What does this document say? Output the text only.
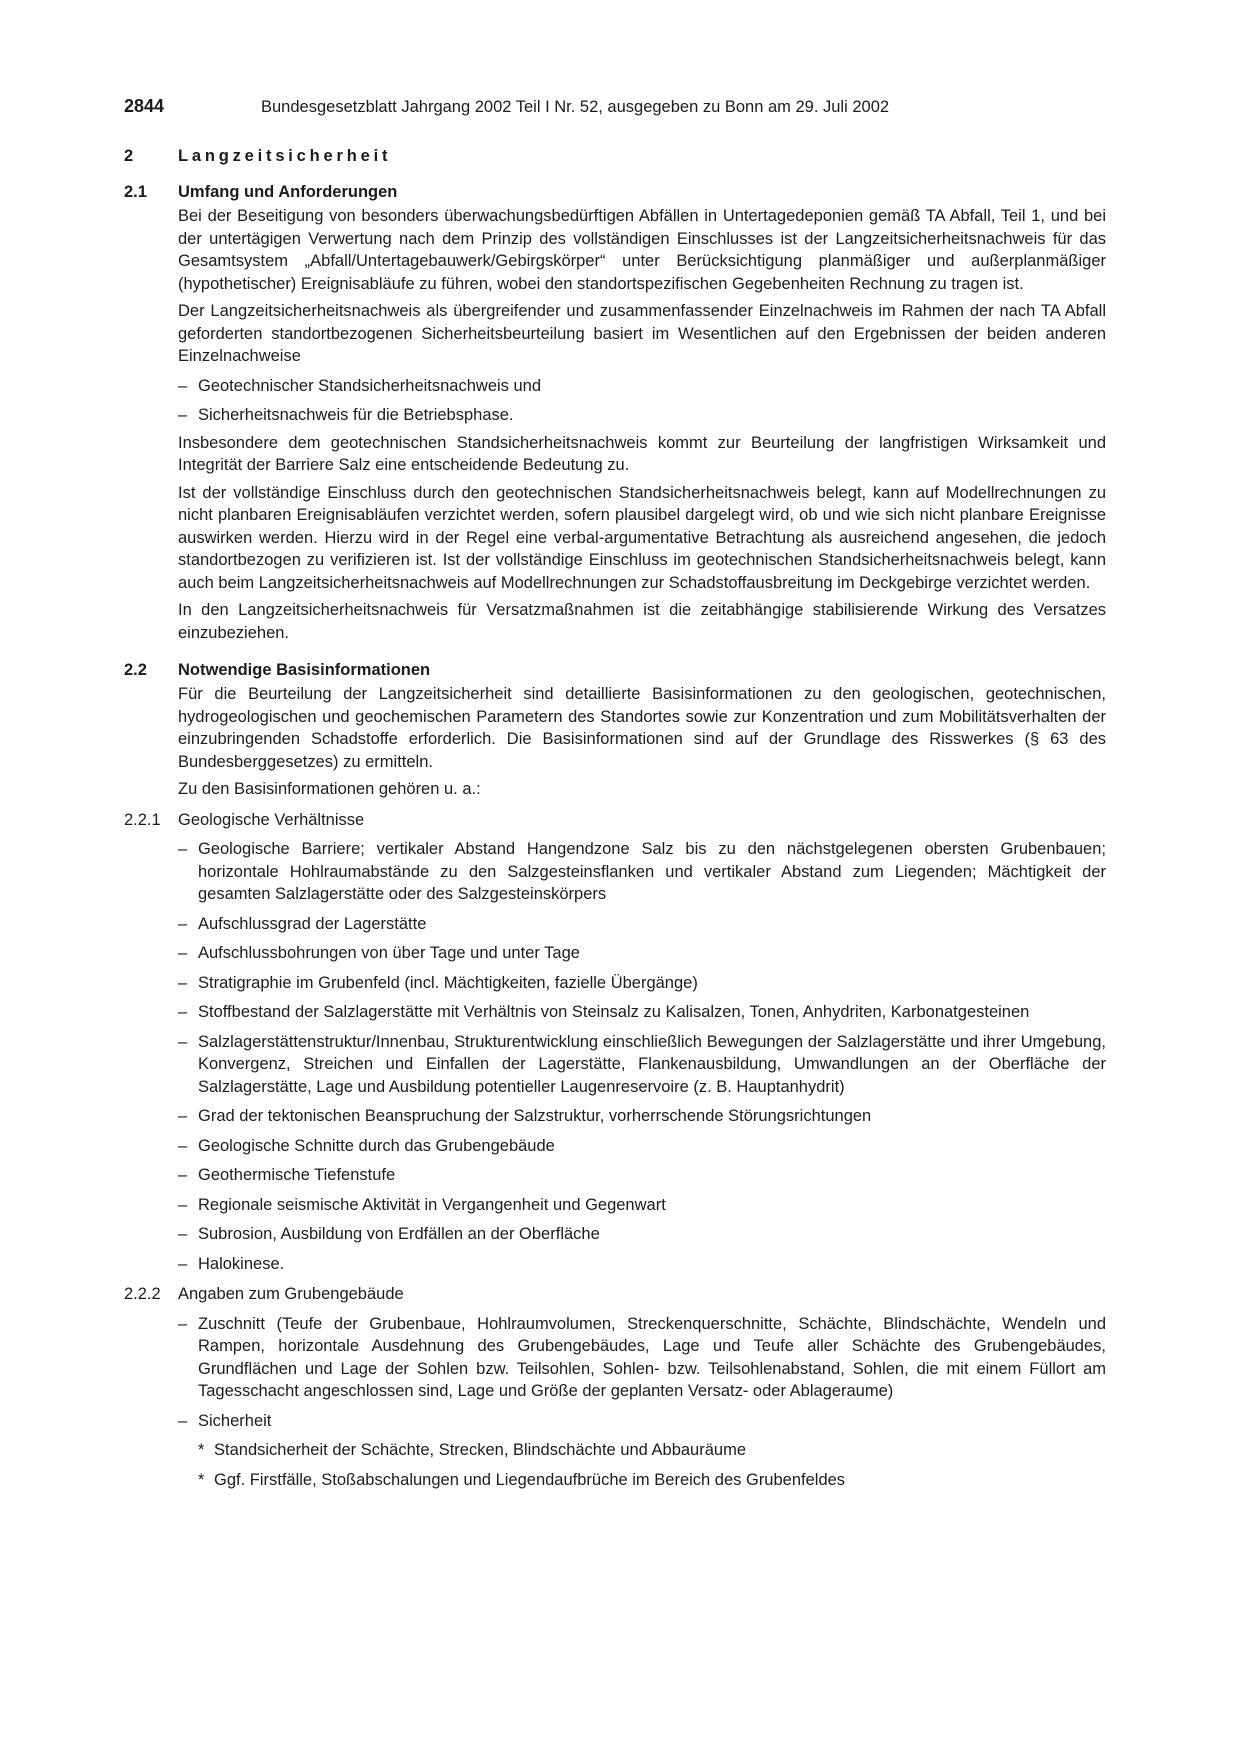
2844	Bundesgesetzblatt Jahrgang 2002 Teil I Nr. 52, ausgegeben zu Bonn am 29. Juli 2002
2	Langzeitsicherheit
2.1	Umfang und Anforderungen

Bei der Beseitigung von besonders überwachungsbedürftigen Abfällen in Untertagedeponien gemäß TA Abfall, Teil 1, und bei der untertägigen Verwertung nach dem Prinzip des vollständigen Einschlusses ist der Langzeitsicherheitsnachweis für das Gesamtsystem „Abfall/Untertagebauwerk/Gebirgskörper“ unter Berücksichtigung planmäßiger und außerplanmäßiger (hypothetischer) Ereignisabläufe zu führen, wobei den standortspezifischen Gegebenheiten Rechnung zu tragen ist.

Der Langzeitsicherheitsnachweis als übergreifender und zusammenfassender Einzelnachweis im Rahmen der nach TA Abfall geforderten standortbezogenen Sicherheitsbeurteilung basiert im Wesentlichen auf den Ergebnissen der beiden anderen Einzelnachweise

– Geotechnischer Standsicherheitsnachweis und
– Sicherheitsnachweis für die Betriebsphase.

Insbesondere dem geotechnischen Standsicherheitsnachweis kommt zur Beurteilung der langfristigen Wirksamkeit und Integrität der Barriere Salz eine entscheidende Bedeutung zu.

Ist der vollständige Einschluss durch den geotechnischen Standsicherheitsnachweis belegt, kann auf Modellrechnungen zu nicht planbaren Ereignisabläufen verzichtet werden, sofern plausibel dargelegt wird, ob und wie sich nicht planbare Ereignisse auswirken werden. Hierzu wird in der Regel eine verbal-argumentative Betrachtung als ausreichend angesehen, die jedoch standortbezogen zu verifizieren ist. Ist der vollständige Einschluss im geotechnischen Standsicherheitsnachweis belegt, kann auch beim Langzeitsicherheitsnachweis auf Modellrechnungen zur Schadstoffausbreitung im Deckgebirge verzichtet werden.

In den Langzeitsicherheitsnachweis für Versatzmaßnahmen ist die zeitabhängige stabilisierende Wirkung des Versatzes einzubeziehen.

2.2	Notwendige Basisinformationen

Für die Beurteilung der Langzeitsicherheit sind detaillierte Basisinformationen zu den geologischen, geotechnischen, hydrogeologischen und geochemischen Parametern des Standortes sowie zur Konzentration und zum Mobilitätsverhalten der einzubringenden Schadstoffe erforderlich. Die Basisinformationen sind auf der Grundlage des Risswerkes (§ 63 des Bundesberggesetzes) zu ermitteln.

Zu den Basisinformationen gehören u. a.:

2.2.1	Geologische Verhältnisse
– Geologische Barriere; vertikaler Abstand Hangendzone Salz bis zu den nächstgelegenen obersten Grubenbauen; horizontale Hohlraumabstände zu den Salzgesteinsflanken und vertikaler Abstand zum Liegenden; Mächtigkeit der gesamten Salzlagerstätte oder des Salzgesteinskörpers
– Aufschlussgrad der Lagerstätte
– Aufschlussbohrungen von über Tage und unter Tage
– Stratigraphie im Grubenfeld (incl. Mächtigkeiten, fazielle Übergänge)
– Stoffbestand der Salzlagerstätte mit Verhältnis von Steinsalz zu Kalisalzen, Tonen, Anhydriten, Karbonatgesteinen
– Salzlagerstättenstruktur/Innenbau, Strukturentwicklung einschließlich Bewegungen der Salzlagerstätte und ihrer Umgebung, Konvergenz, Streichen und Einfallen der Lagerstätte, Flankenausbildung, Umwandlungen an der Oberfläche der Salzlagerstätte, Lage und Ausbildung potentieller Laugenreservoire (z. B. Hauptanhydrit)
– Grad der tektonischen Beanspruchung der Salzstruktur, vorherrschende Störungsrichtungen
– Geologische Schnitte durch das Grubengebäude
– Geothermische Tiefenstufe
– Regionale seismische Aktivität in Vergangenheit und Gegenwart
– Subrosion, Ausbildung von Erdfällen an der Oberfläche
– Halokinese.
2.2.2	Angaben zum Grubengebäude
– Zuschnitt (Teufe der Grubenbaue, Hohlraumvolumen, Streckenquerschnitte, Schächte, Blindschächte, Wendeln und Rampen, horizontale Ausdehnung des Grubengebäudes, Lage und Teufe aller Schächte des Grubengebäudes, Grundflächen und Lage der Sohlen bzw. Teilsohlen, Sohlen- bzw. Teilsohlenabstand, Sohlen, die mit einem Füllort am Tagesschacht angeschlossen sind, Lage und Größe der geplanten Versatz- oder Ablageraume)
– Sicherheit
* Standsicherheit der Schächte, Strecken, Blindschächte und Abbauräume
* Ggf. Firstfälle, Stoßabschalungen und Liegendaufbrüche im Bereich des Grubenfeldes
